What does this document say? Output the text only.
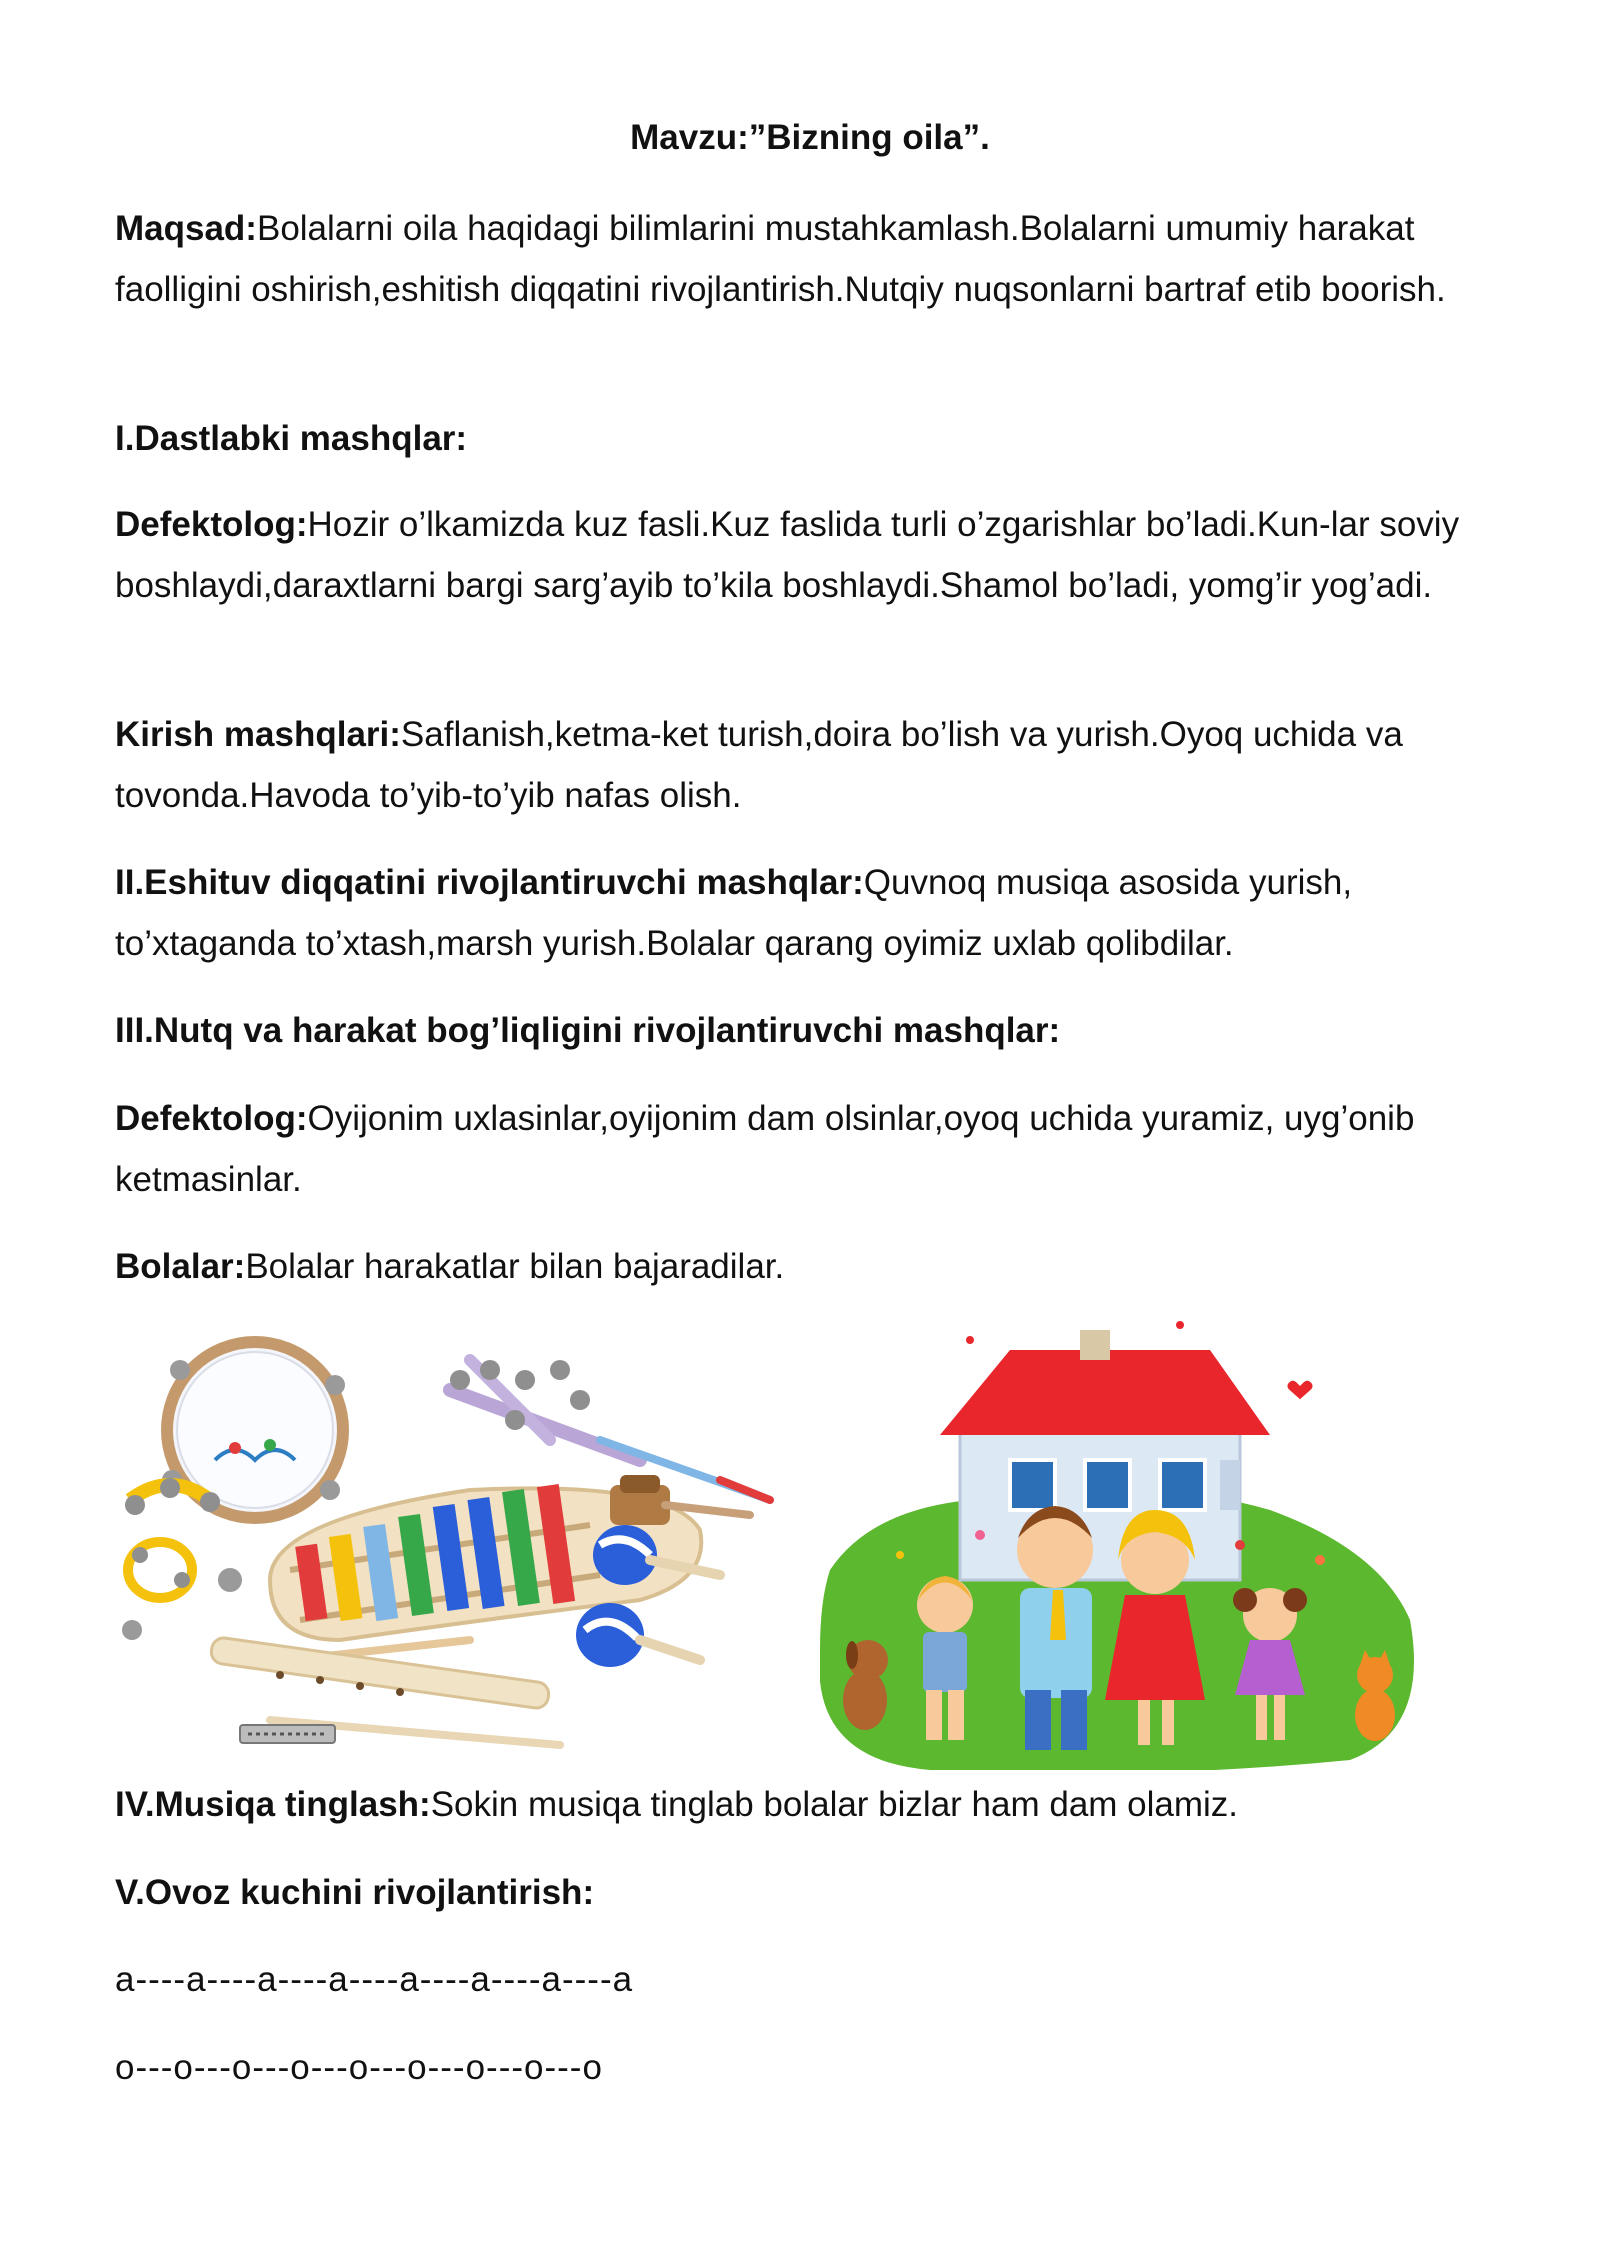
Mavzu:”Bizning oila”.

Maqsad:Bolalarni oila haqidagi bilimlarini mustahkamlash.Bolalarni umumiy harakat faolligini oshirish,eshitish diqqatini rivojlantirish.Nutqiy nuqsonlarni bartraf etib boorish.

I.Dastlabki mashqlar:

Defektolog:Hozir o’lkamizda kuz fasli.Kuz faslida turli o’zgarishlar bo’ladi.Kun-lar soviy boshlaydi,daraxtlarni bargi sarg’ayib to’kila boshlaydi.Shamol bo’ladi, yomg’ir yog’adi.

Kirish mashqlari:Saflanish,ketma-ket turish,doira bo’lish va yurish.Oyoq uchida va tovonda.Havoda to’yib-to’yib nafas olish.

II.Eshituv diqqatini rivojlantiruvchi mashqlar:Quvnoq musiqa asosida yurish, to’xtaganda to’xtash,marsh yurish.Bolalar qarang oyimiz uxlab qolibdilar.

III.Nutq va harakat bog’liqligini rivojlantiruvchi mashqlar:

Defektolog:Oyijonim uxlasinlar,oyijonim dam olsinlar,oyoq uchida yuramiz, uyg’onib ketmasinlar.

Bolalar:Bolalar harakatlar bilan bajaradilar.

IV.Musiqa tinglash:Sokin musiqa tinglab bolalar bizlar ham dam olamiz.

V.Ovoz kuchini rivojlantirish:
a----a----a----a----a----a----a----a
o---o---o---o---o---o---o---o---o
